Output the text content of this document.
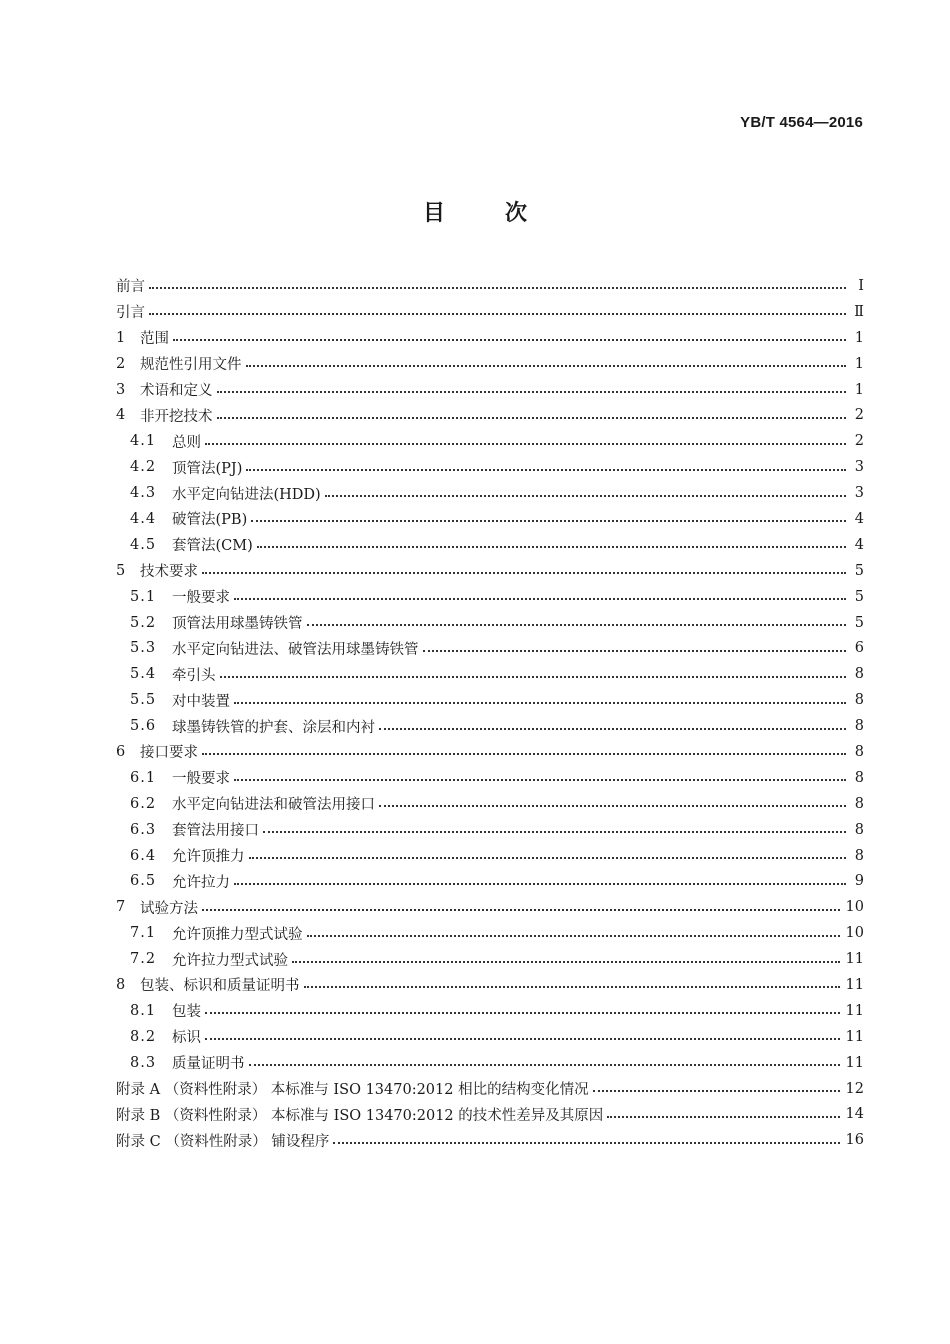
YB/T 4564—2016
目次
前言	Ⅰ
引言	Ⅱ
1	范围	1
2	规范性引用文件	1
3	术语和定义	1
4	非开挖技术	2
4.1	总则	2
4.2	顶管法(PJ)	3
4.3	水平定向钻进法(HDD)	3
4.4	破管法(PB)	4
4.5	套管法(CM)	4
5	技术要求	5
5.1	一般要求	5
5.2	顶管法用球墨铸铁管	5
5.3	水平定向钻进法、破管法用球墨铸铁管	6
5.4	牵引头	8
5.5	对中装置	8
5.6	球墨铸铁管的护套、涂层和内衬	8
6	接口要求	8
6.1	一般要求	8
6.2	水平定向钻进法和破管法用接口	8
6.3	套管法用接口	8
6.4	允许顶推力	8
6.5	允许拉力	9
7	试验方法	10
7.1	允许顶推力型式试验	10
7.2	允许拉力型式试验	11
8	包装、标识和质量证明书	11
8.1	包装	11
8.2	标识	11
8.3	质量证明书	11
附录 A （资料性附录） 本标准与 ISO 13470:2012 相比的结构变化情况	12
附录 B （资料性附录） 本标准与 ISO 13470:2012 的技术性差异及其原因	14
附录 C （资料性附录） 铺设程序	16
